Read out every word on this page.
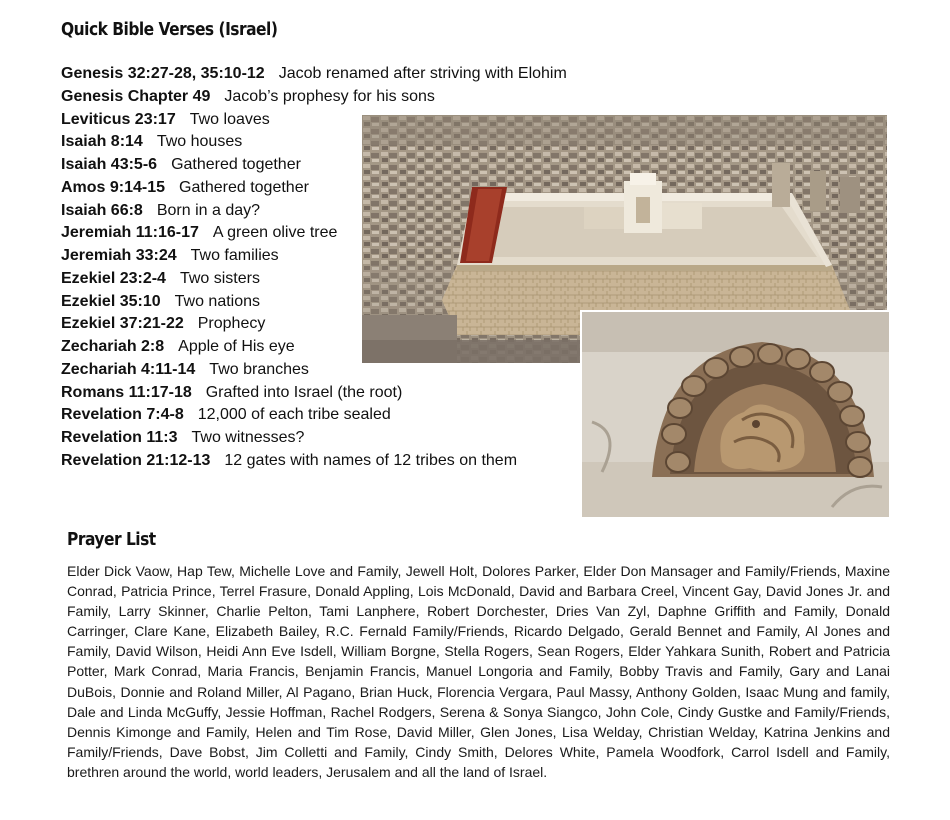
Quick Bible Verses (Israel)
Genesis 32:27-28, 35:10-12 Jacob renamed after striving with Elohim
Genesis Chapter 49 Jacob’s prophesy for his sons
Leviticus 23:17 Two loaves
Isaiah 8:14 Two houses
Isaiah 43:5-6 Gathered together
Amos 9:14-15 Gathered together
Isaiah 66:8 Born in a day?
Jeremiah 11:16-17 A green olive tree
Jeremiah 33:24 Two families
Ezekiel 23:2-4 Two sisters
Ezekiel 35:10 Two nations
Ezekiel 37:21-22 Prophecy
Zechariah 2:8 Apple of His eye
Zechariah 4:11-14 Two branches
Romans 11:17-18 Grafted into Israel (the root)
Revelation 7:4-8 12,000 of each tribe sealed
Revelation 11:3 Two witnesses?
Revelation 21:12-13 12 gates with names of 12 tribes on them
Prayer List

Elder Dick Vaow, Hap Tew, Michelle Love and Family, Jewell Holt, Dolores Parker, Elder Don Mansager and Family/Friends, Maxine Conrad, Patricia Prince, Terrel Frasure, Donald Appling, Lois McDonald, David and Barbara Creel, Vincent Gay, David Jones Jr. and Family, Larry Skinner, Charlie Pelton, Tami Lanphere, Robert Dorchester, Dries Van Zyl, Daphne Griffith and Family, Donald Carringer, Clare Kane, Elizabeth Bailey, R.C. Fernald Family/Friends, Ricardo Delgado, Gerald Bennet and Family, Al Jones and Family, David Wilson, Heidi Ann Eve Isdell, William Borgne, Stella Rogers, Sean Rogers, Elder Yahkara Sunith, Robert and Patricia Potter, Mark Conrad, Maria Francis, Benjamin Francis, Manuel Longoria and Family, Bobby Travis and Family, Gary and Lanai DuBois, Donnie and Roland Miller, Al Pagano, Brian Huck, Florencia Vergara, Paul Massy, Anthony Golden, Isaac Mung and family, Dale and Linda McGuffy, Jessie Hoffman, Rachel Rodgers, Serena & Sonya Siangco, John Cole, Cindy Gustke and Family/Friends, Dennis Kimonge and Family, Helen and Tim Rose, David Miller, Glen Jones, Lisa Welday, Christian Welday, Katrina Jenkins and Family/Friends, Dave Bobst, Jim Colletti and Family, Cindy Smith, Delores White, Pamela Woodfork, Carrol Isdell and Family, brethren around the world, world leaders, Jerusalem and all the land of Israel.
